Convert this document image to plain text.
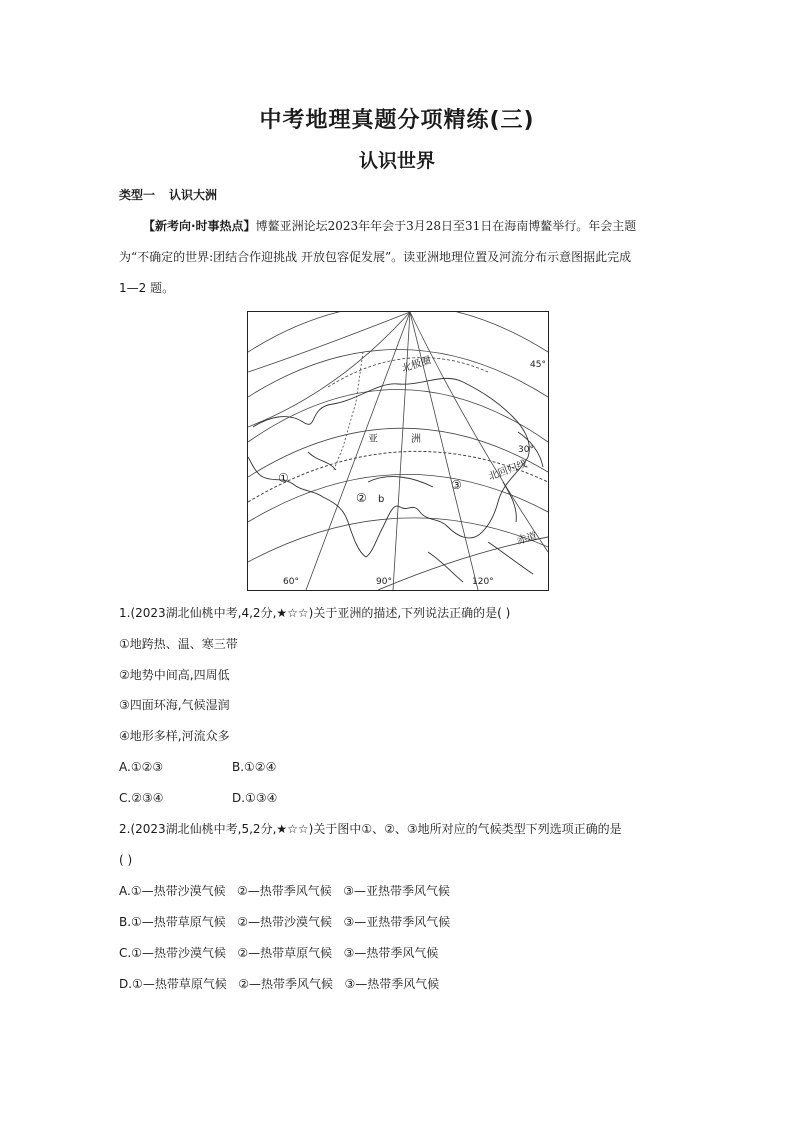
中考地理真题分项精练(三)
认识世界
类型一 认识大洲
【新考向·时事热点】博鳌亚洲论坛2023年年会于3月28日至31日在海南博鳌举行。年会主题
为“不确定的世界:团结合作迎挑战 开放包容促发展”。读亚洲地理位置及河流分布示意图据此完成
1—2 题。
北极圈	45°
30°
亚	洲
北回归线
赤道
①
② b
③
60°	90°	120°
1.(2023湖北仙桃中考,4,2分,★☆☆)关于亚洲的描述,下列说法正确的是( )
①地跨热、温、寒三带
②地势中间高,四周低
③四面环海,气候湿润
④地形多样,河流众多
A.①②③	B.①②④
C.②③④	D.①③④
2.(2023湖北仙桃中考,5,2分,★☆☆)关于图中①、②、③地所对应的气候类型下列选项正确的是
( )
A.①—热带沙漠气候   ②—热带季风气候   ③—亚热带季风气候
B.①—热带草原气候   ②—热带沙漠气候   ③—亚热带季风气候
C.①—热带沙漠气候   ②—热带草原气候   ③—热带季风气候
D.①—热带草原气候   ②—热带季风气候   ③—热带季风气候
